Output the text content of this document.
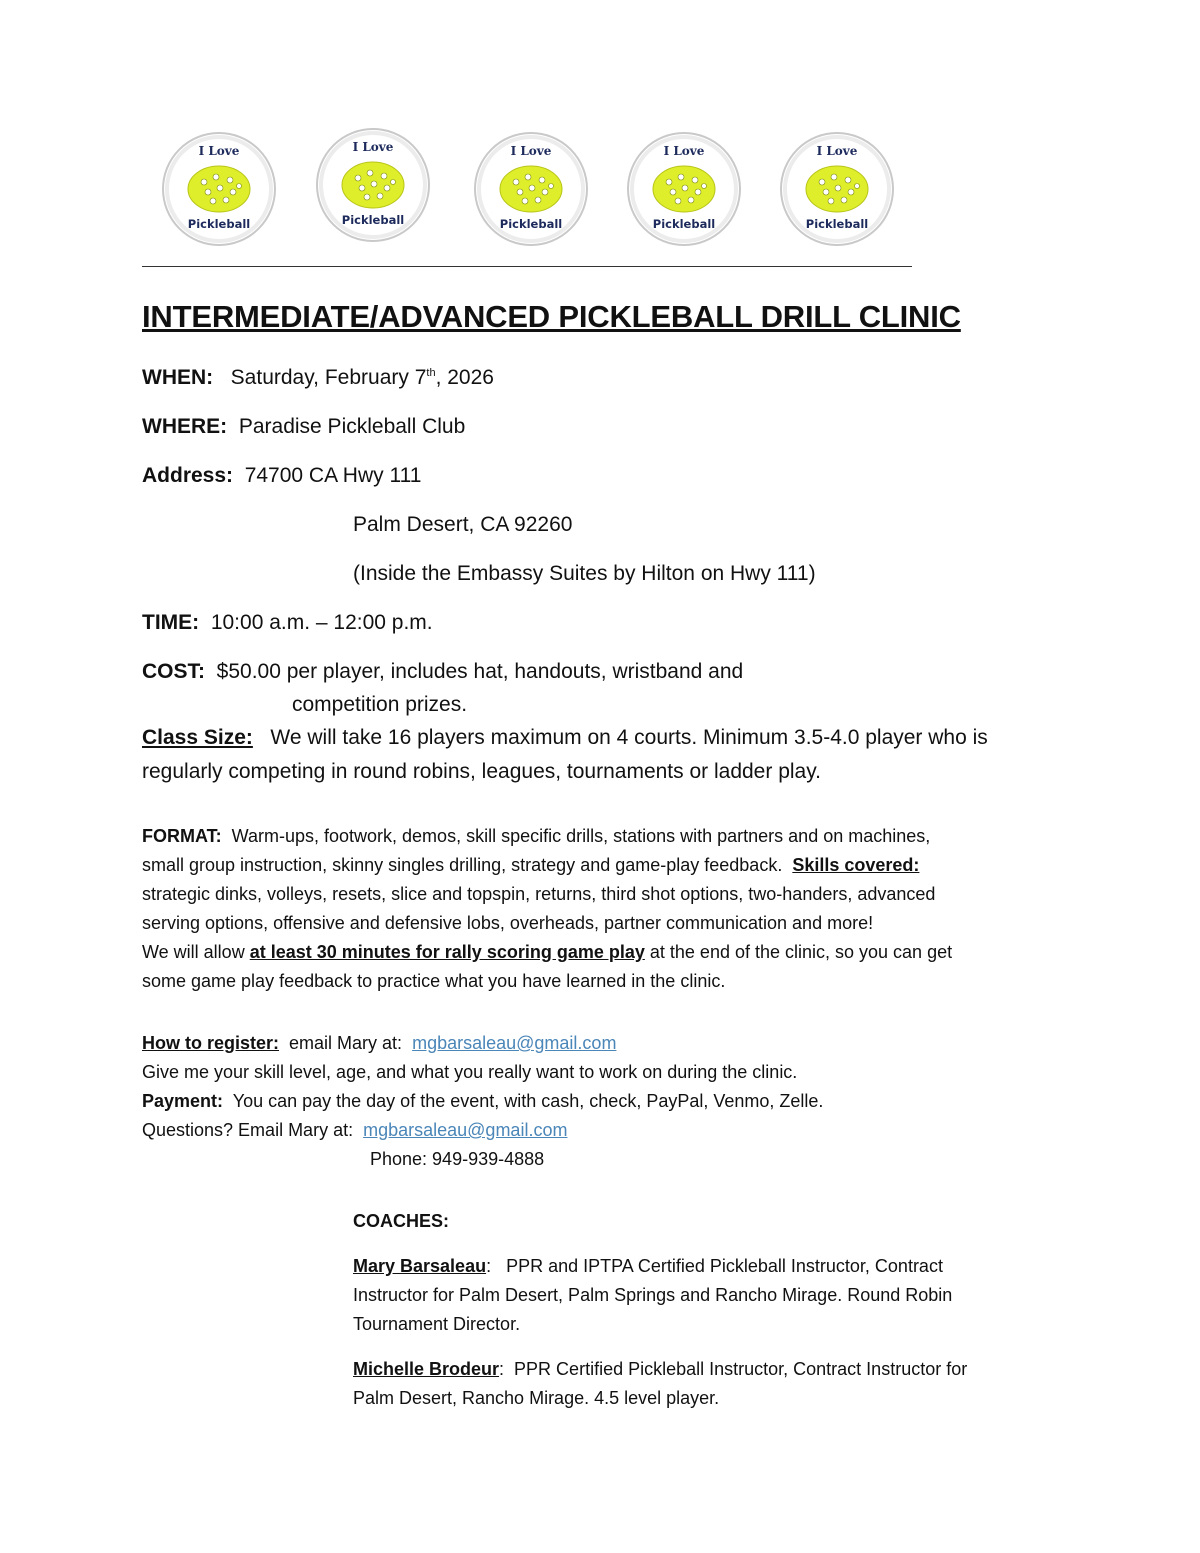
I Love
Pickleball
I Love
Pickleball
I Love
Pickleball
I Love
Pickleball
I Love
Pickleball
INTERMEDIATE/ADVANCED PICKLEBALL DRILL CLINIC
WHEN: Saturday, February 7th, 2026
WHERE: Paradise Pickleball Club
Address: 74700 CA Hwy 111
Palm Desert, CA 92260
(Inside the Embassy Suites by Hilton on Hwy 111)
TIME: 10:00 a.m. – 12:00 p.m.
COST: $50.00 per player, includes hat, handouts, wristband and
competition prizes.
Class Size: We will take 16 players maximum on 4 courts. Minimum 3.5-4.0 player who is
regularly competing in round robins, leagues, tournaments or ladder play.
FORMAT: Warm-ups, footwork, demos, skill specific drills, stations with partners and on machines,
small group instruction, skinny singles drilling, strategy and game-play feedback. Skills covered:
strategic dinks, volleys, resets, slice and topspin, returns, third shot options, two-handers, advanced
serving options, offensive and defensive lobs, overheads, partner communication and more!
We will allow at least 30 minutes for rally scoring game play at the end of the clinic, so you can get
some game play feedback to practice what you have learned in the clinic.
How to register: email Mary at: mgbarsaleau@gmail.com
Give me your skill level, age, and what you really want to work on during the clinic.
Payment: You can pay the day of the event, with cash, check, PayPal, Venmo, Zelle.
Questions? Email Mary at: mgbarsaleau@gmail.com
Phone: 949-939-4888
COACHES:
Mary Barsaleau:   PPR and IPTPA Certified Pickleball Instructor, Contract
Instructor for Palm Desert, Palm Springs and Rancho Mirage. Round Robin
Tournament Director.
Michelle Brodeur:  PPR Certified Pickleball Instructor, Contract Instructor for
Palm Desert, Rancho Mirage. 4.5 level player.
